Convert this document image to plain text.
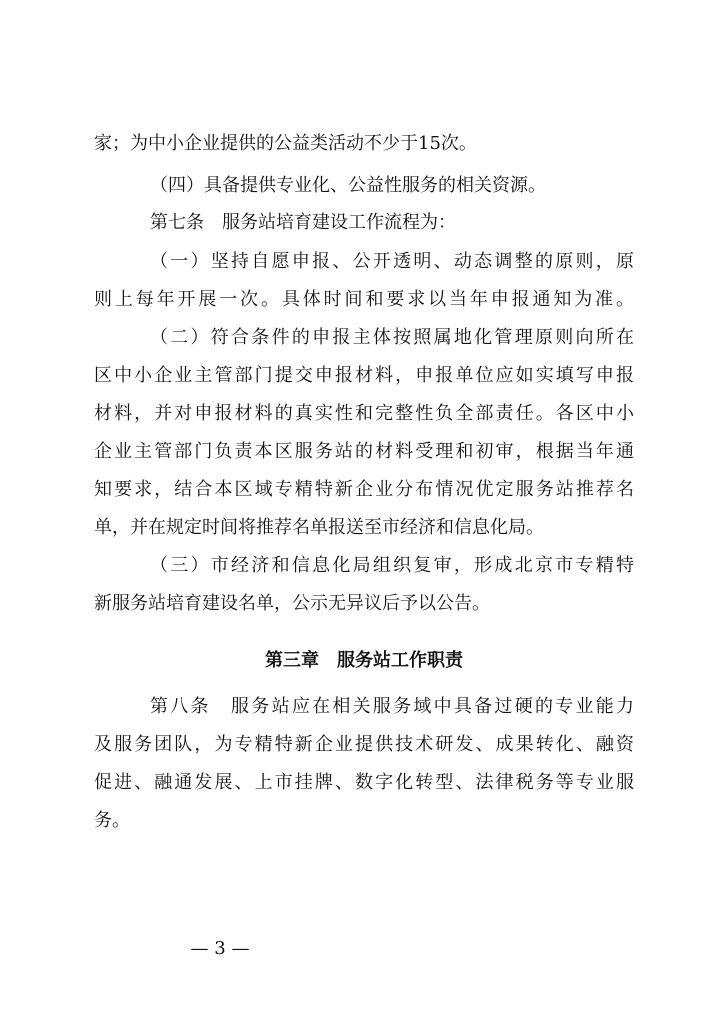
家；为中小企业提供的公益类活动不少于15次。
（四）具备提供专业化、公益性服务的相关资源。
第七条　服务站培育建设工作流程为：
（一）坚持自愿申报、公开透明、动态调整的原则，原
则上每年开展一次。具体时间和要求以当年申报通知为准。
（二）符合条件的申报主体按照属地化管理原则向所在
区中小企业主管部门提交申报材料，申报单位应如实填写申报
材料，并对申报材料的真实性和完整性负全部责任。各区中小
企业主管部门负责本区服务站的材料受理和初审，根据当年通
知要求，结合本区域专精特新企业分布情况优定服务站推荐名
单，并在规定时间将推荐名单报送至市经济和信息化局。
（三）市经济和信息化局组织复审，形成北京市专精特
新服务站培育建设名单，公示无异议后予以公告。
第三章　服务站工作职责
第八条　服务站应在相关服务域中具备过硬的专业能力
及服务团队，为专精特新企业提供技术研发、成果转化、融资
促进、融通发展、上市挂牌、数字化转型、法律税务等专业服
务。
— 3 —
